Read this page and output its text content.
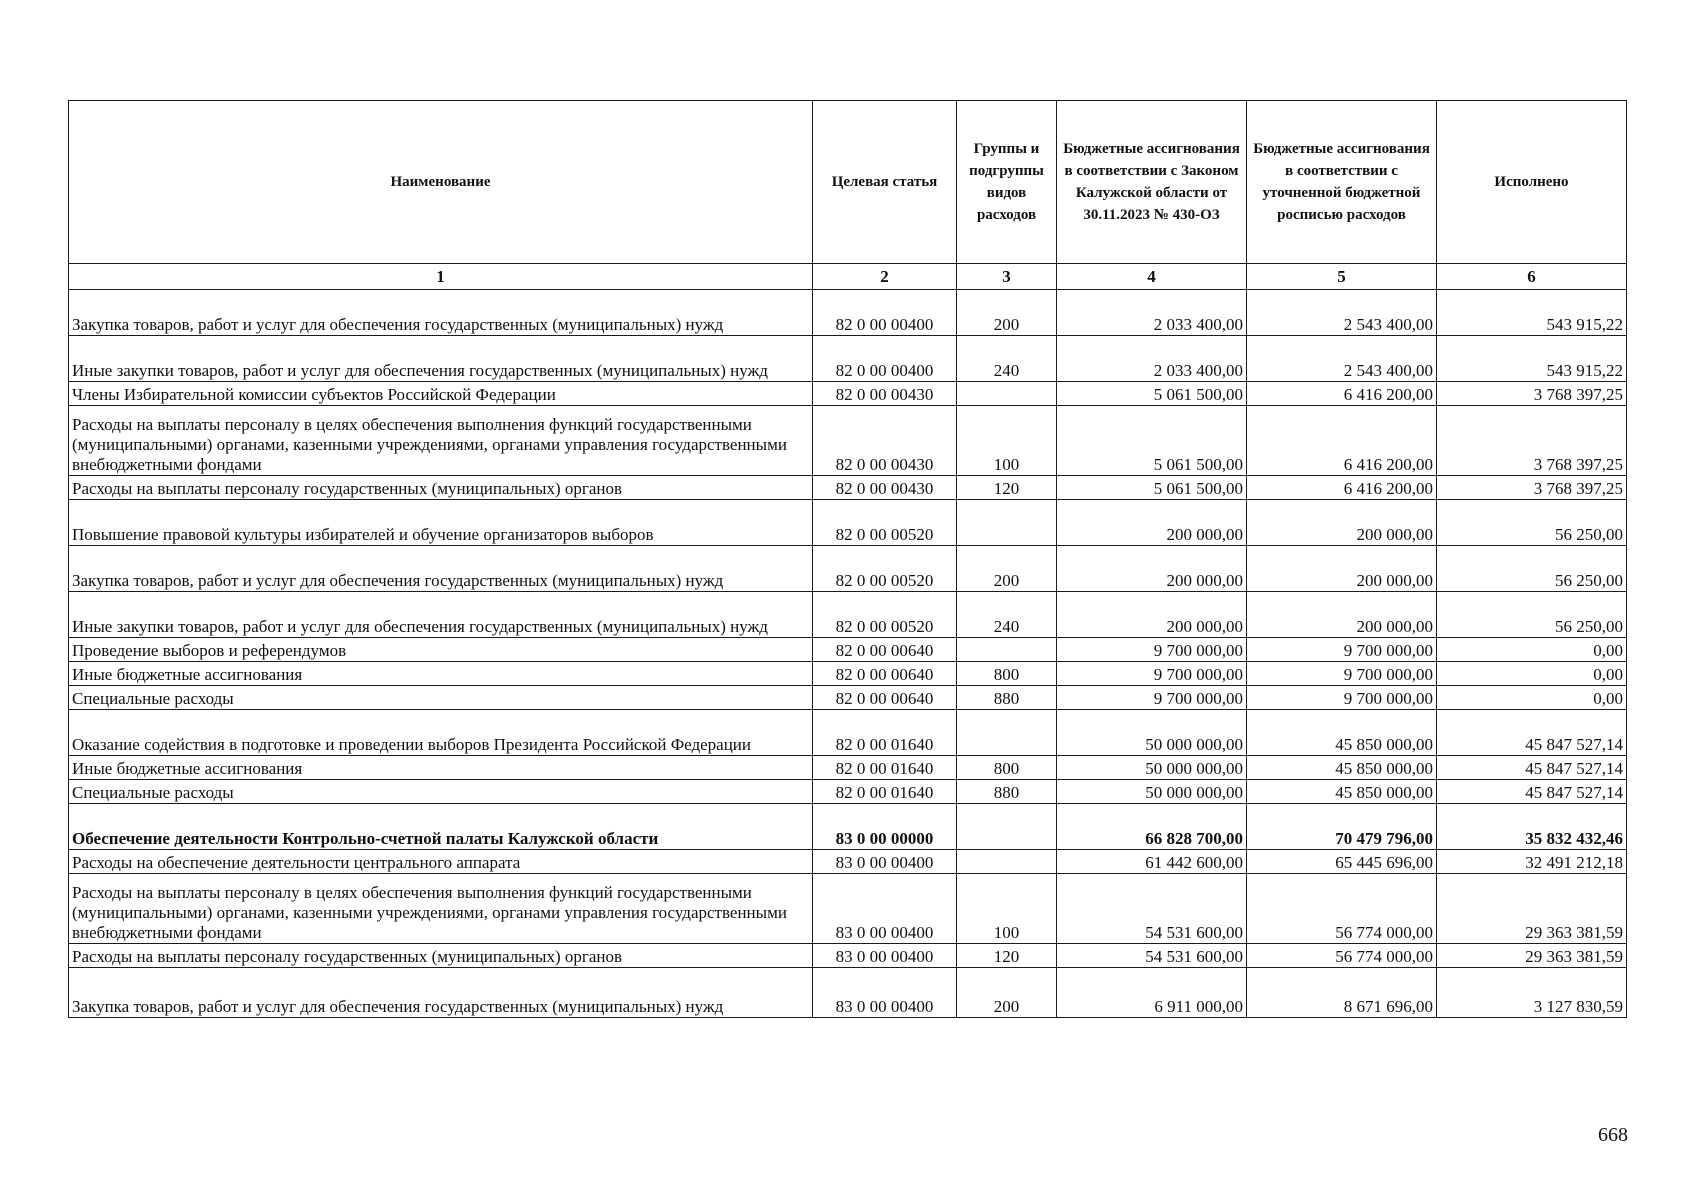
Наименование	Целевая статья	Группы и подгруппы видов расходов	Бюджетные ассигнования в соответствии с Законом Калужской области от 30.11.2023 № 430-ОЗ	Бюджетные ассигнования в соответствии с уточненной бюджетной росписью расходов	Исполнено
1	2	3	4	5	6
Закупка товаров, работ и услуг для обеспечения государственных (муниципальных) нужд	82 0 00 00400	200	2 033 400,00	2 543 400,00	543 915,22
Иные закупки товаров, работ и услуг для обеспечения государственных (муниципальных) нужд	82 0 00 00400	240	2 033 400,00	2 543 400,00	543 915,22
Члены Избирательной комиссии субъектов Российской Федерации	82 0 00 00430		5 061 500,00	6 416 200,00	3 768 397,25
Расходы на выплаты персоналу в целях обеспечения выполнения функций государственными (муниципальными) органами, казенными учреждениями, органами управления государственными внебюджетными фондами	82 0 00 00430	100	5 061 500,00	6 416 200,00	3 768 397,25
Расходы на выплаты персоналу государственных (муниципальных) органов	82 0 00 00430	120	5 061 500,00	6 416 200,00	3 768 397,25
Повышение правовой культуры избирателей и обучение организаторов выборов	82 0 00 00520		200 000,00	200 000,00	56 250,00
Закупка товаров, работ и услуг для обеспечения государственных (муниципальных) нужд	82 0 00 00520	200	200 000,00	200 000,00	56 250,00
Иные закупки товаров, работ и услуг для обеспечения государственных (муниципальных) нужд	82 0 00 00520	240	200 000,00	200 000,00	56 250,00
Проведение выборов и референдумов	82 0 00 00640		9 700 000,00	9 700 000,00	0,00
Иные бюджетные ассигнования	82 0 00 00640	800	9 700 000,00	9 700 000,00	0,00
Специальные расходы	82 0 00 00640	880	9 700 000,00	9 700 000,00	0,00
Оказание содействия в подготовке и проведении выборов Президента Российской Федерации	82 0 00 01640		50 000 000,00	45 850 000,00	45 847 527,14
Иные бюджетные ассигнования	82 0 00 01640	800	50 000 000,00	45 850 000,00	45 847 527,14
Специальные расходы	82 0 00 01640	880	50 000 000,00	45 850 000,00	45 847 527,14
Обеспечение деятельности Контрольно-счетной палаты Калужской области	83 0 00 00000		66 828 700,00	70 479 796,00	35 832 432,46
Расходы на обеспечение деятельности центрального аппарата	83 0 00 00400		61 442 600,00	65 445 696,00	32 491 212,18
Расходы на выплаты персоналу в целях обеспечения выполнения функций государственными (муниципальными) органами, казенными учреждениями, органами управления государственными внебюджетными фондами	83 0 00 00400	100	54 531 600,00	56 774 000,00	29 363 381,59
Расходы на выплаты персоналу государственных (муниципальных) органов	83 0 00 00400	120	54 531 600,00	56 774 000,00	29 363 381,59
Закупка товаров, работ и услуг для обеспечения государственных (муниципальных) нужд	83 0 00 00400	200	6 911 000,00	8 671 696,00	3 127 830,59
668
